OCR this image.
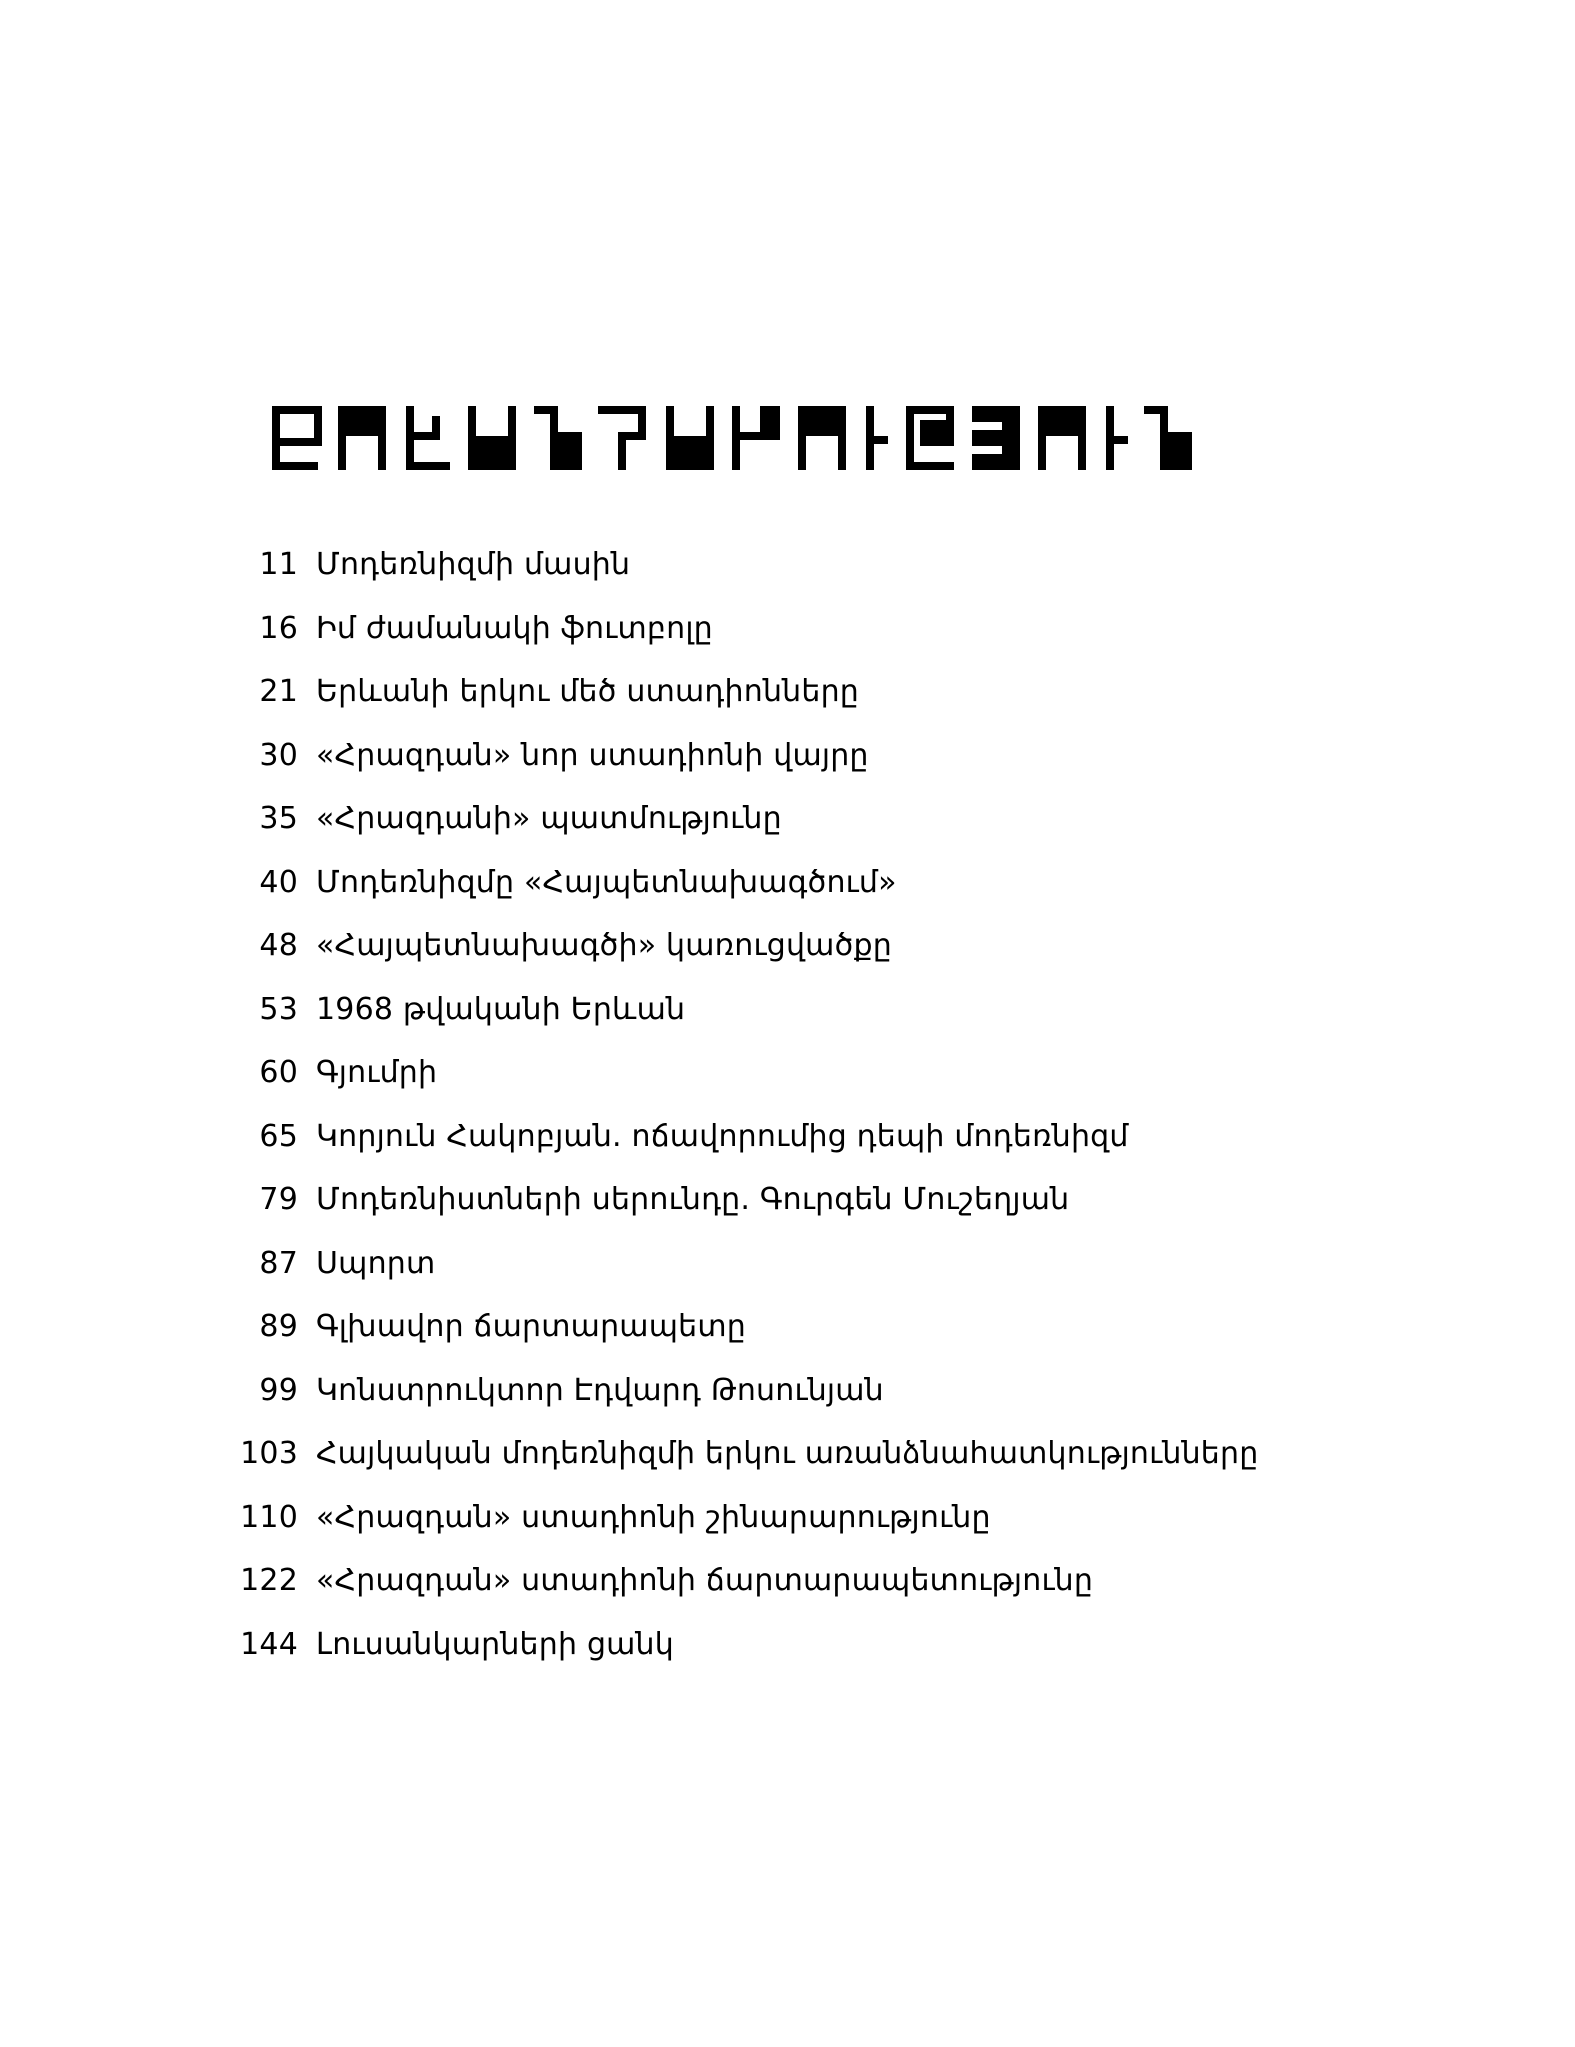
11 Մոդեռնիզմի մասին
16 Իմ ժամանակի ֆուտբոլը
21 Երևանի երկու մեծ ստադիոնները
30 «Հրազդան» նոր ստադիոնի վայրը
35 «Հրազդանի» պատմությունը
40 Մոդեռնիզմը «Հայպետնախագծում»
48 «Հայպետնախագծի» կառուցվածքը
53 1968 թվականի Երևան
60 Գյումրի
65 Կորյուն Հակոբյան. ոճավորումից դեպի մոդեռնիզմ
79 Մոդեռնիստների սերունդը. Գուրգեն Մուշեղյան
87 Սպորտ
89 Գլխավոր ճարտարապետը
99 Կոնստրուկտոր Էդվարդ Թոսունյան
103 Հայկական մոդեռնիզմի երկու առանձնահատկությունները
110 «Հրազդան» ստադիոնի շինարարությունը
122 «Հրազդան» ստադիոնի ճարտարապետությունը
144 Լուսանկարների ցանկ
